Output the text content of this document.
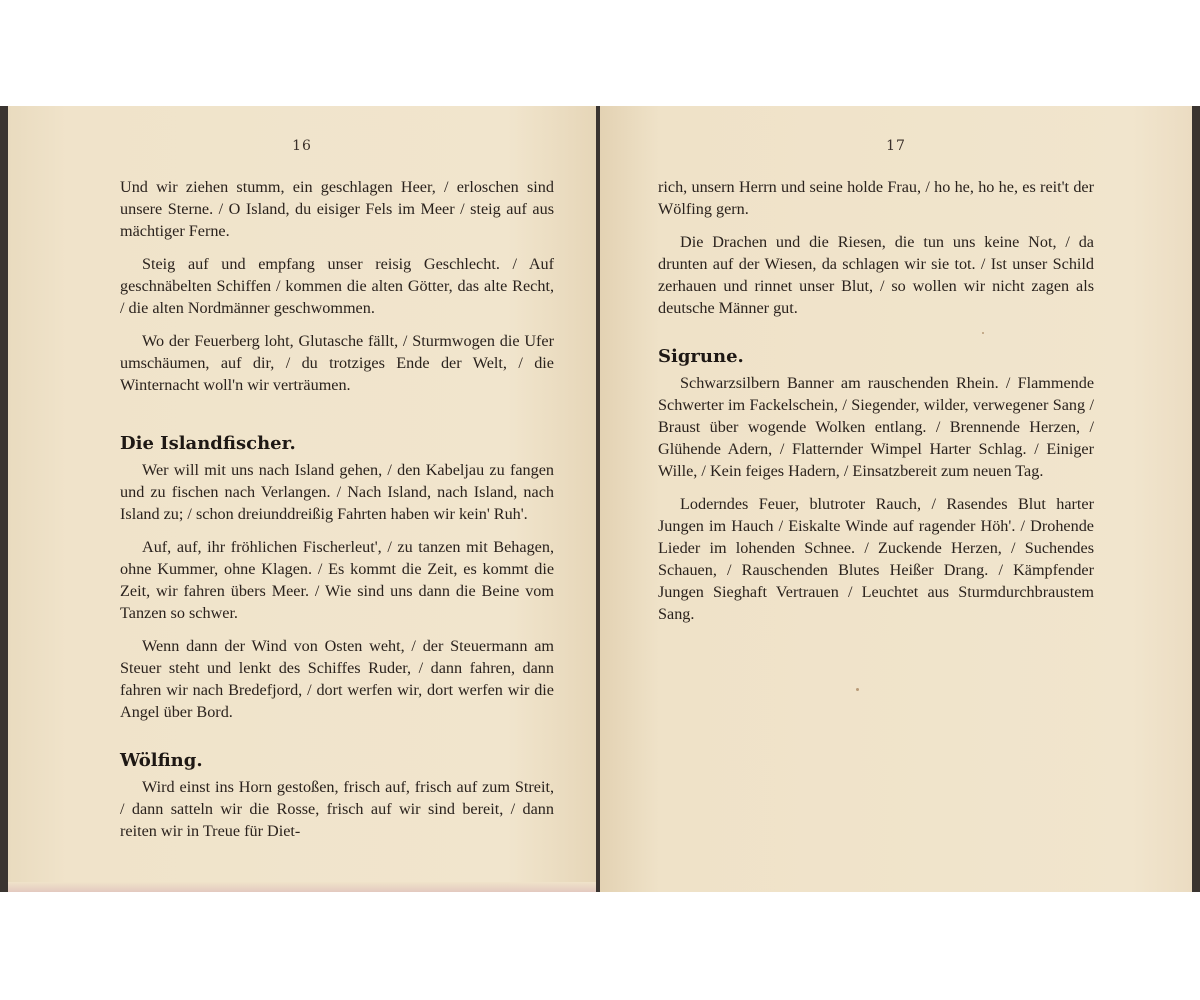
16

Und wir ziehen stumm, ein geschlagen Heer, / erloschen sind unsere Sterne. / O Island, du eisiger Fels im Meer / steig auf aus mächtiger Ferne.

Steig auf und empfang unser reisig Geschlecht. / Auf geschnäbelten Schiffen / kommen die alten Götter, das alte Recht, / die alten Nordmänner geschwommen.

Wo der Feuerberg loht, Glutasche fällt, / Sturmwogen die Ufer umschäumen, auf dir, / du trotziges Ende der Welt, / die Winternacht woll'n wir verträumen.

Die Islandfischer.

Wer will mit uns nach Island gehen, / den Kabeljau zu fangen und zu fischen nach Verlangen. / Nach Island, nach Island, nach Island zu; / schon dreiunddreißig Fahrten haben wir kein' Ruh'.

Auf, auf, ihr fröhlichen Fischerleut', / zu tanzen mit Behagen, ohne Kummer, ohne Klagen. / Es kommt die Zeit, es kommt die Zeit, wir fahren übers Meer. / Wie sind uns dann die Beine vom Tanzen so schwer.

Wenn dann der Wind von Osten weht, / der Steuermann am Steuer steht und lenkt des Schiffes Ruder, / dann fahren, dann fahren wir nach Bredefjord, / dort werfen wir, dort werfen wir die Angel über Bord.

Wölfing.

Wird einst ins Horn gestoßen, frisch auf, frisch auf zum Streit, / dann satteln wir die Rosse, frisch auf wir sind bereit, / dann reiten wir in Treue für Diet-

17

rich, unsern Herrn und seine holde Frau, / ho he, ho he, es reit't der Wölfing gern.

Die Drachen und die Riesen, die tun uns keine Not, / da drunten auf der Wiesen, da schlagen wir sie tot. / Ist unser Schild zerhauen und rinnet unser Blut, / so wollen wir nicht zagen als deutsche Männer gut.

Sigrune.

Schwarzsilbern Banner am rauschenden Rhein. / Flammende Schwerter im Fackelschein, / Siegender, wilder, verwegener Sang / Braust über wogende Wolken entlang. / Brennende Herzen, / Glühende Adern, / Flatternder Wimpel Harter Schlag. / Einiger Wille, / Kein feiges Hadern, / Einsatzbereit zum neuen Tag.

Loderndes Feuer, blutroter Rauch, / Rasendes Blut harter Jungen im Hauch / Eiskalte Winde auf ragender Höh'. / Drohende Lieder im lohenden Schnee. / Zuckende Herzen, / Suchendes Schauen, / Rauschenden Blutes Heißer Drang. / Kämpfender Jungen Sieghaft Vertrauen / Leuchtet aus Sturmdurchbraustem Sang.
